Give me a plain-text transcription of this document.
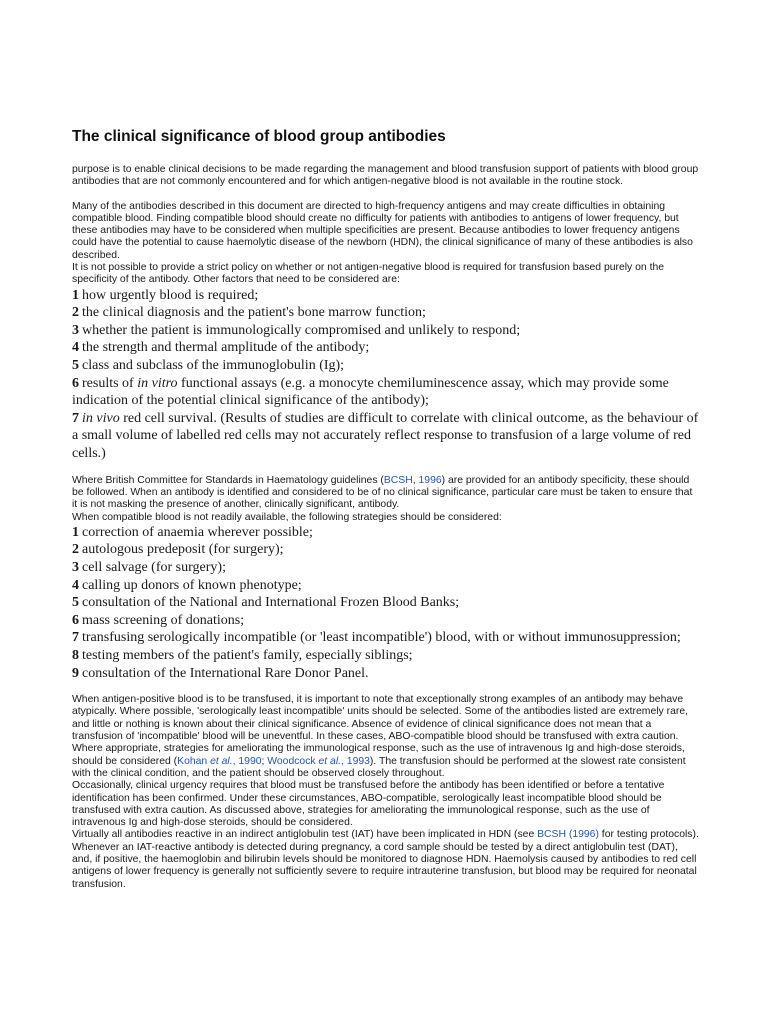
The clinical significance of blood group antibodies

purpose is to enable clinical decisions to be made regarding the management and blood transfusion support of patients with blood group antibodies that are not commonly encountered and for which antigen-negative blood is not available in the routine stock.

Many of the antibodies described in this document are directed to high-frequency antigens and may create difficulties in obtaining compatible blood. Finding compatible blood should create no difficulty for patients with antibodies to antigens of lower frequency, but these antibodies may have to be considered when multiple specificities are present. Because antibodies to lower frequency antigens could have the potential to cause haemolytic disease of the newborn (HDN), the clinical significance of many of these antibodies is also described.

It is not possible to provide a strict policy on whether or not antigen-negative blood is required for transfusion based purely on the specificity of the antibody. Other factors that need to be considered are:

1 how urgently blood is required;
2 the clinical diagnosis and the patient's bone marrow function;
3 whether the patient is immunologically compromised and unlikely to respond;
4 the strength and thermal amplitude of the antibody;
5 class and subclass of the immunoglobulin (Ig);
6 results of in vitro functional assays (e.g. a monocyte chemiluminescence assay, which may provide some indication of the potential clinical significance of the antibody);
7 in vivo red cell survival. (Results of studies are difficult to correlate with clinical outcome, as the behaviour of a small volume of labelled red cells may not accurately reflect response to transfusion of a large volume of red cells.)

Where British Committee for Standards in Haematology guidelines (BCSH, 1996) are provided for an antibody specificity, these should be followed. When an antibody is identified and considered to be of no clinical significance, particular care must be taken to ensure that it is not masking the presence of another, clinically significant, antibody.

When compatible blood is not readily available, the following strategies should be considered:

1 correction of anaemia wherever possible;
2 autologous predeposit (for surgery);
3 cell salvage (for surgery);
4 calling up donors of known phenotype;
5 consultation of the National and International Frozen Blood Banks;
6 mass screening of donations;
7 transfusing serologically incompatible (or 'least incompatible') blood, with or without immunosuppression;
8 testing members of the patient's family, especially siblings;
9 consultation of the International Rare Donor Panel.

When antigen-positive blood is to be transfused, it is important to note that exceptionally strong examples of an antibody may behave atypically. Where possible, 'serologically least incompatible' units should be selected. Some of the antibodies listed are extremely rare, and little or nothing is known about their clinical significance. Absence of evidence of clinical significance does not mean that a transfusion of 'incompatible' blood will be uneventful. In these cases, ABO-compatible blood should be transfused with extra caution. Where appropriate, strategies for ameliorating the immunological response, such as the use of intravenous Ig and high-dose steroids, should be considered (Kohan et al., 1990; Woodcock et al., 1993). The transfusion should be performed at the slowest rate consistent with the clinical condition, and the patient should be observed closely throughout.

Occasionally, clinical urgency requires that blood must be transfused before the antibody has been identified or before a tentative identification has been confirmed. Under these circumstances, ABO-compatible, serologically least incompatible blood should be transfused with extra caution. As discussed above, strategies for ameliorating the immunological response, such as the use of intravenous Ig and high-dose steroids, should be considered.

Virtually all antibodies reactive in an indirect antiglobulin test (IAT) have been implicated in HDN (see BCSH (1996) for testing protocols). Whenever an IAT-reactive antibody is detected during pregnancy, a cord sample should be tested by a direct antiglobulin test (DAT), and, if positive, the haemoglobin and bilirubin levels should be monitored to diagnose HDN. Haemolysis caused by antibodies to red cell antigens of lower frequency is generally not sufficiently severe to require intrauterine transfusion, but blood may be required for neonatal transfusion.
